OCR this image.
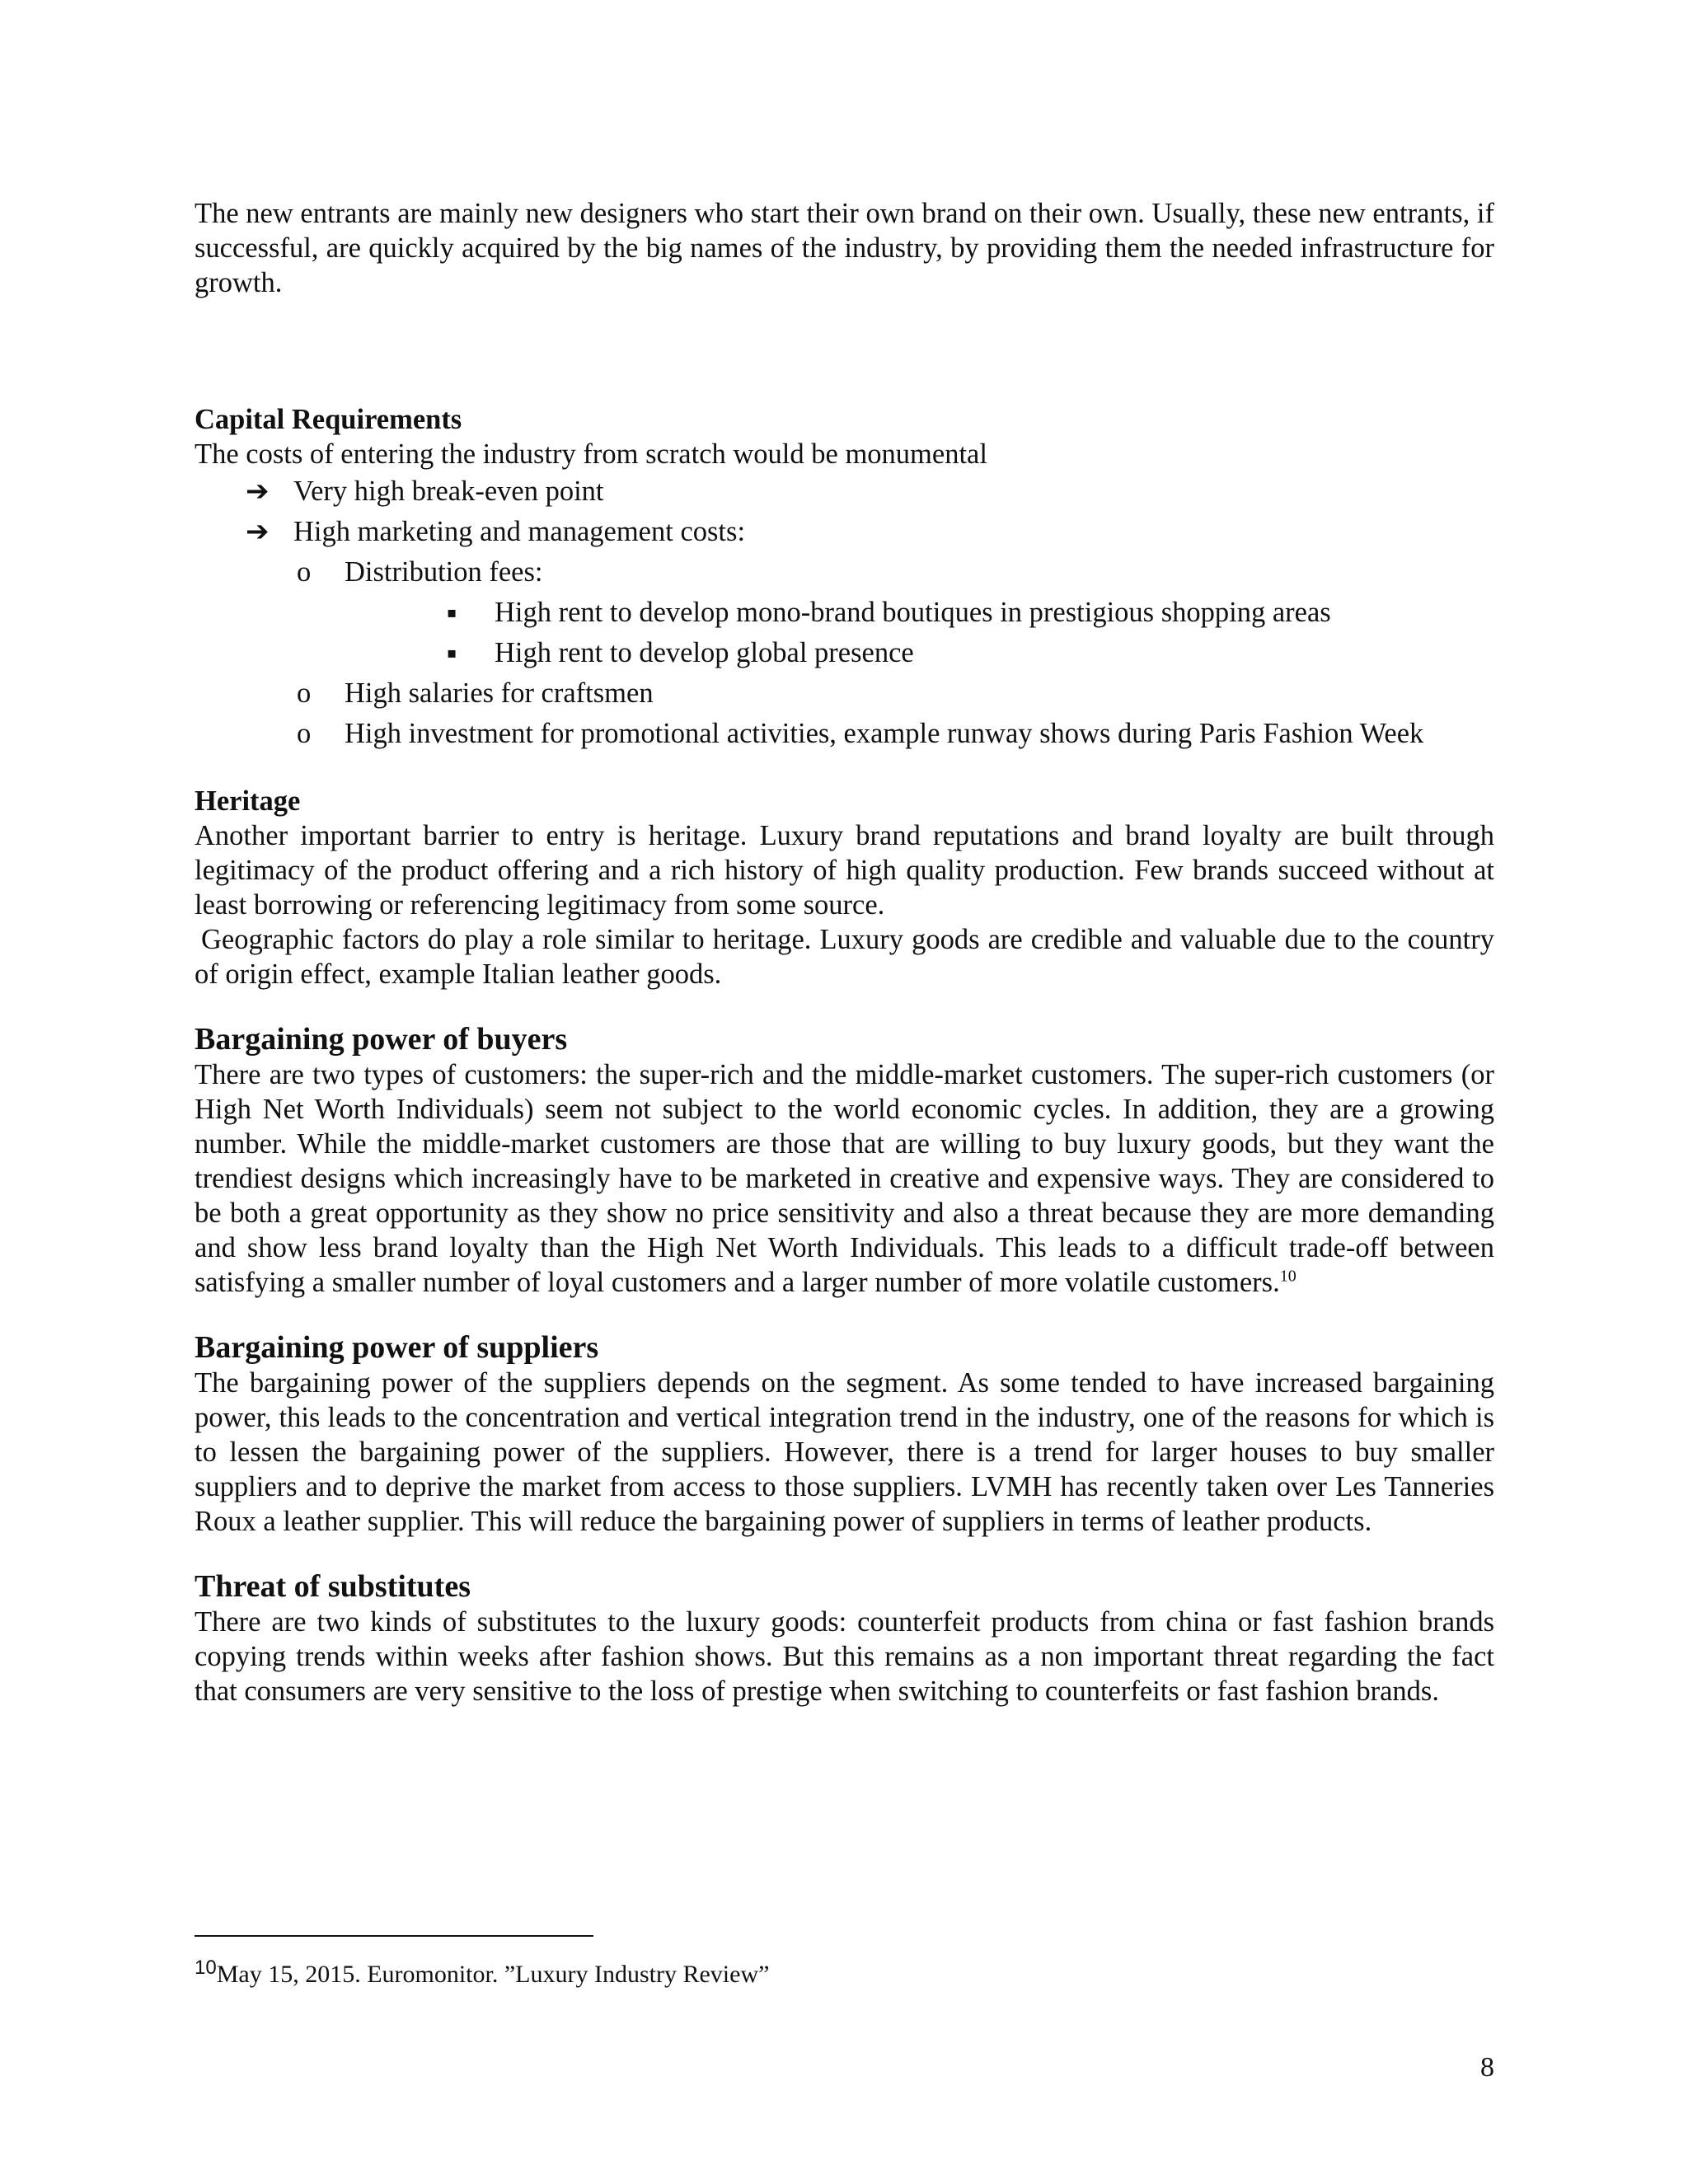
The new entrants are mainly new designers who start their own brand on their own. Usually, these new entrants, if successful, are quickly acquired by the big names of the industry, by providing them the needed infrastructure for growth.

Capital Requirements

The costs of entering the industry from scratch would be monumental

➔ Very high break-even point
➔ High marketing and management costs:
o Distribution fees:
▪ High rent to develop mono-brand boutiques in prestigious shopping areas
▪ High rent to develop global presence
o High salaries for craftsmen
o High investment for promotional activities, example runway shows during Paris Fashion Week
Heritage

Another important barrier to entry is heritage. Luxury brand reputations and brand loyalty are built through legitimacy of the product offering and a rich history of high quality production. Few brands succeed without at least borrowing or referencing legitimacy from some source.

Geographic factors do play a role similar to heritage. Luxury goods are credible and valuable due to the country of origin effect, example Italian leather goods.

Bargaining power of buyers

There are two types of customers: the super-rich and the middle-market customers. The super-rich customers (or High Net Worth Individuals) seem not subject to the world economic cycles. In addition, they are a growing number. While the middle-market customers are those that are willing to buy luxury goods, but they want the trendiest designs which increasingly have to be marketed in creative and expensive ways. They are considered to be both a great opportunity as they show no price sensitivity and also a threat because they are more demanding and show less brand loyalty than the High Net Worth Individuals. This leads to a difficult trade-off between satisfying a smaller number of loyal customers and a larger number of more volatile customers.$^{10}$

Bargaining power of suppliers

The bargaining power of the suppliers depends on the segment. As some tended to have increased bargaining power, this leads to the concentration and vertical integration trend in the industry, one of the reasons for which is to lessen the bargaining power of the suppliers. However, there is a trend for larger houses to buy smaller suppliers and to deprive the market from access to those suppliers. LVMH has recently taken over Les Tanneries Roux a leather supplier. This will reduce the bargaining power of suppliers in terms of leather products.

Threat of substitutes

There are two kinds of substitutes to the luxury goods: counterfeit products from china or fast fashion brands copying trends within weeks after fashion shows. But this remains as a non important threat regarding the fact that consumers are very sensitive to the loss of prestige when switching to counterfeits or fast fashion brands.

$^{10}$May 15, 2015. Euromonitor. ”Luxury Industry Review”
8
